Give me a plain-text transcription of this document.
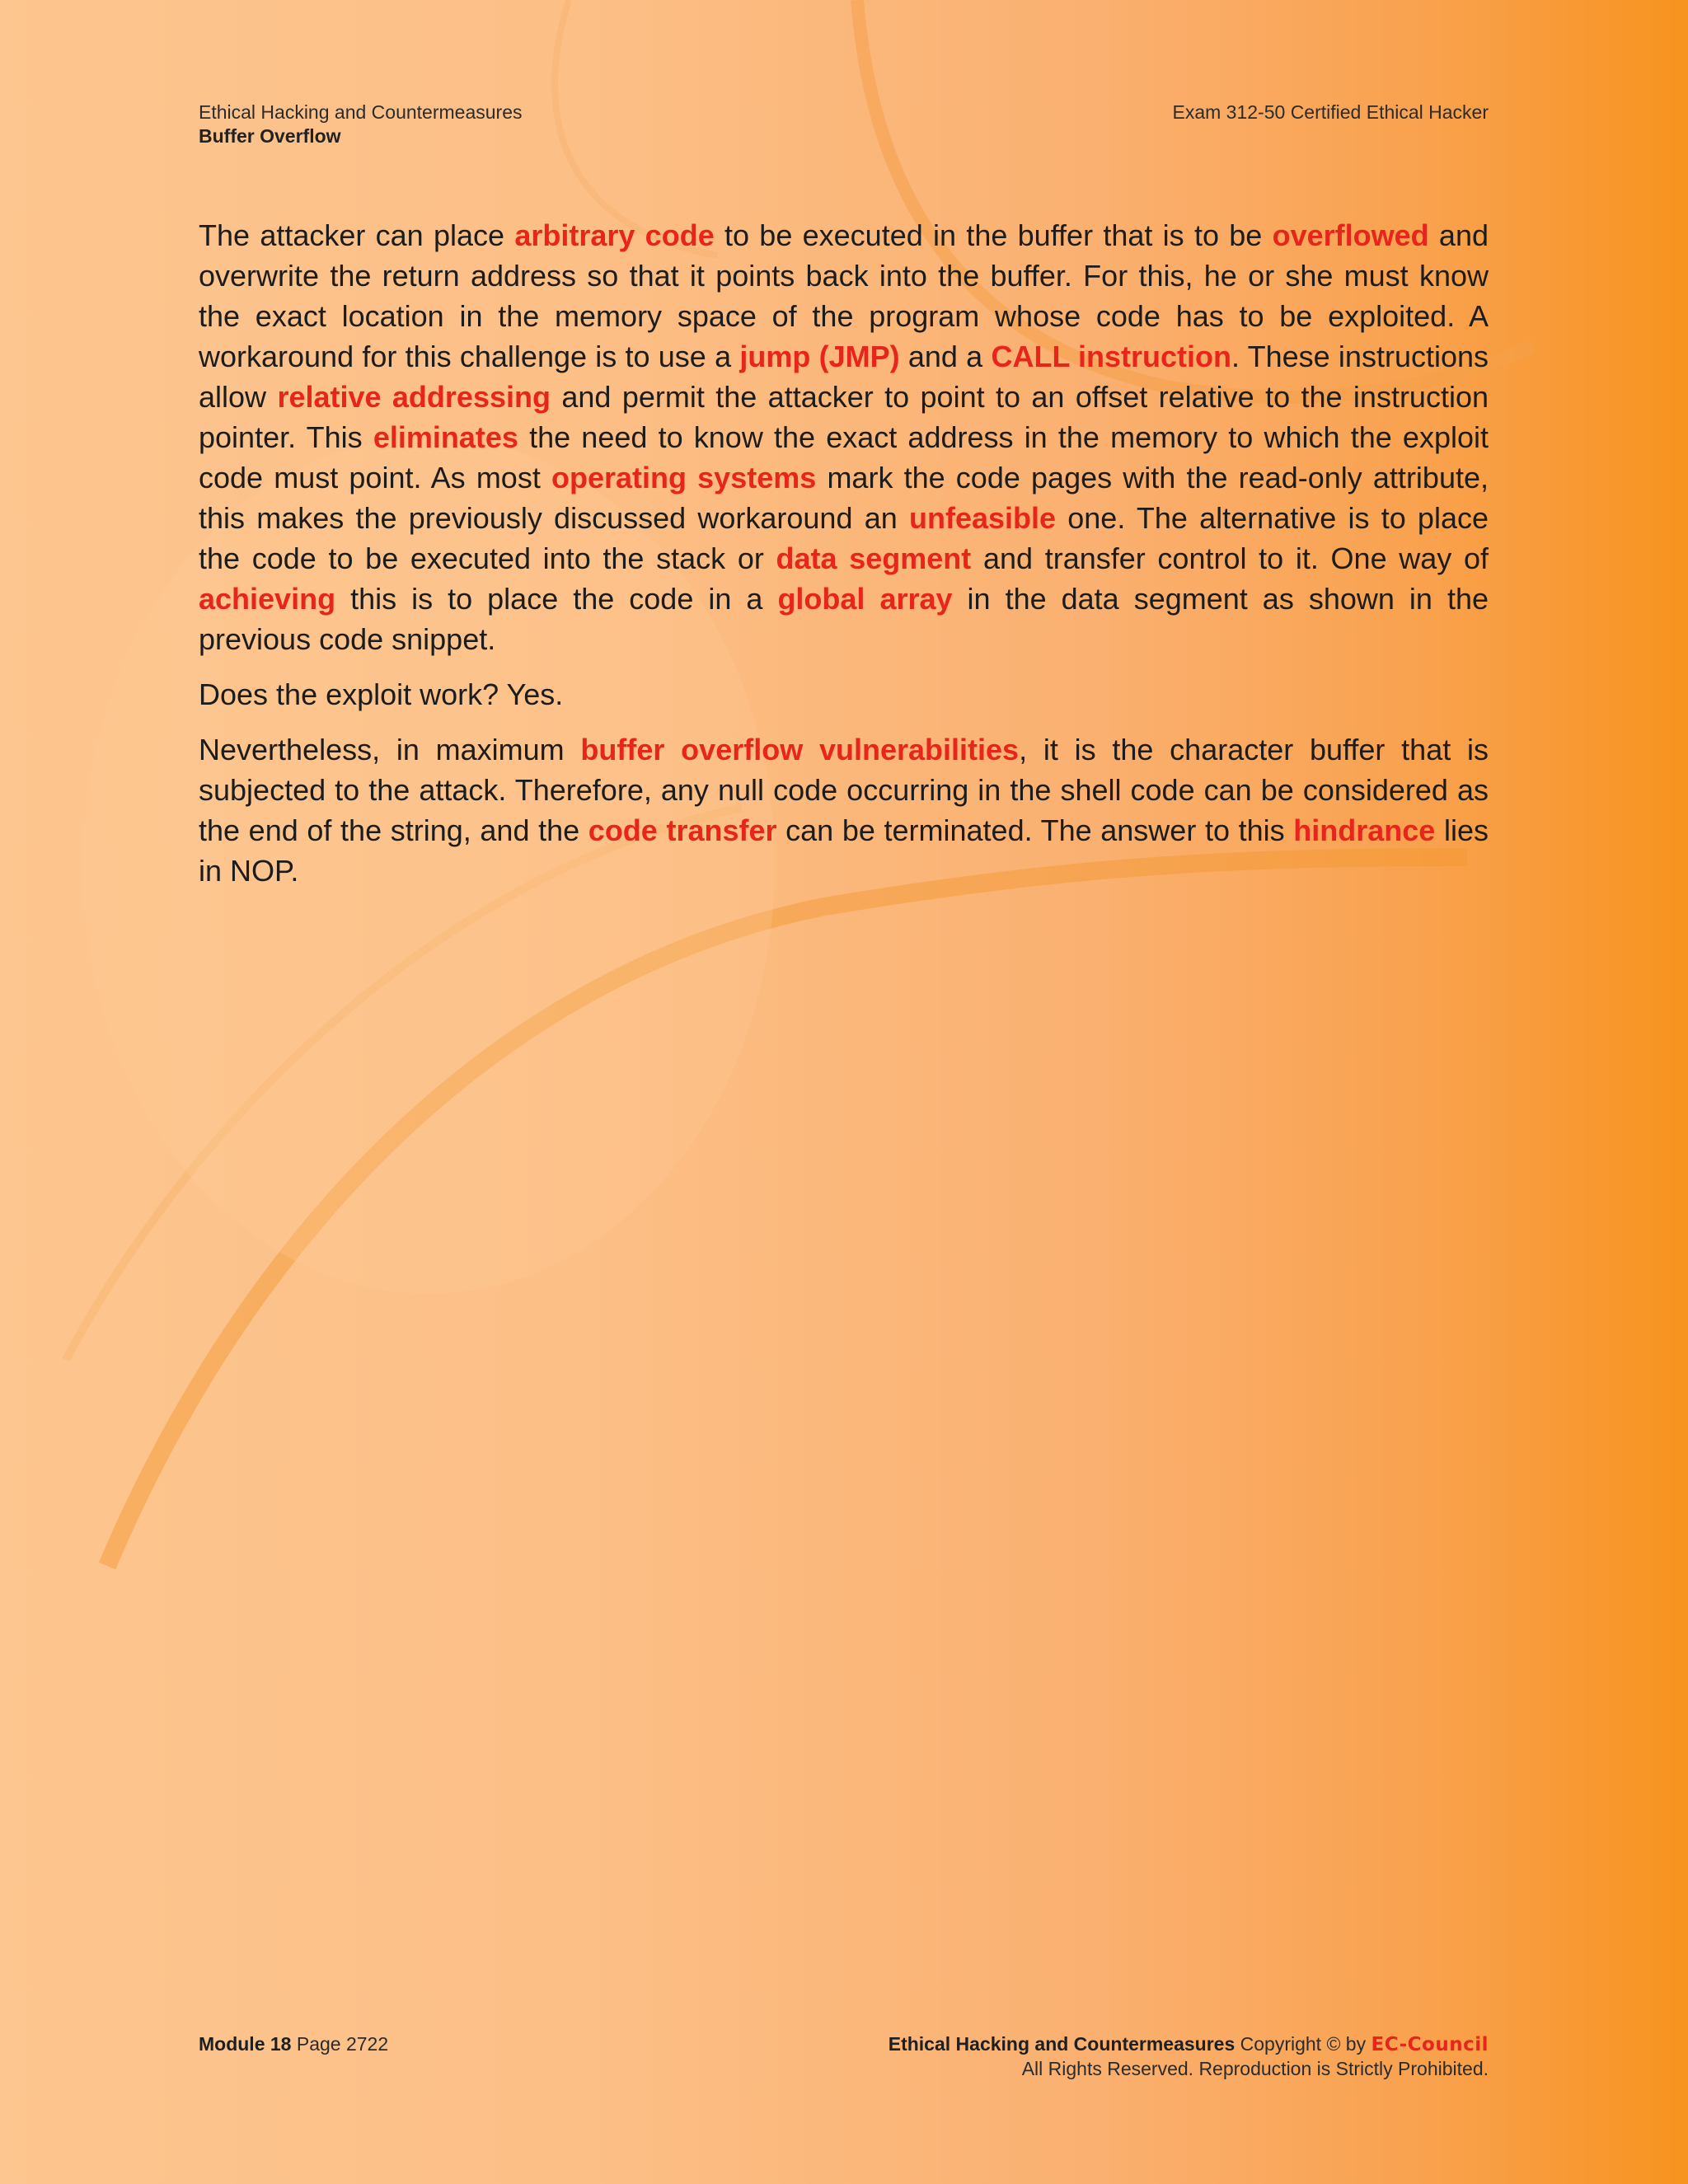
Ethical Hacking and Countermeasures
Buffer Overflow
Exam 312-50 Certified Ethical Hacker

The attacker can place arbitrary code to be executed in the buffer that is to be overflowed and overwrite the return address so that it points back into the buffer. For this, he or she must know the exact location in the memory space of the program whose code has to be exploited. A workaround for this challenge is to use a jump (JMP) and a CALL instruction. These instructions allow relative addressing and permit the attacker to point to an offset relative to the instruction pointer. This eliminates the need to know the exact address in the memory to which the exploit code must point. As most operating systems mark the code pages with the read-only attribute, this makes the previously discussed workaround an unfeasible one. The alternative is to place the code to be executed into the stack or data segment and transfer control to it. One way of achieving this is to place the code in a global array in the data segment as shown in the previous code snippet.

Does the exploit work? Yes.

Nevertheless, in maximum buffer overflow vulnerabilities, it is the character buffer that is subjected to the attack. Therefore, any null code occurring in the shell code can be considered as the end of the string, and the code transfer can be terminated. The answer to this hindrance lies in NOP.

Module 18 Page 2722	Ethical Hacking and Countermeasures Copyright © by EC-Council
All Rights Reserved. Reproduction is Strictly Prohibited.
